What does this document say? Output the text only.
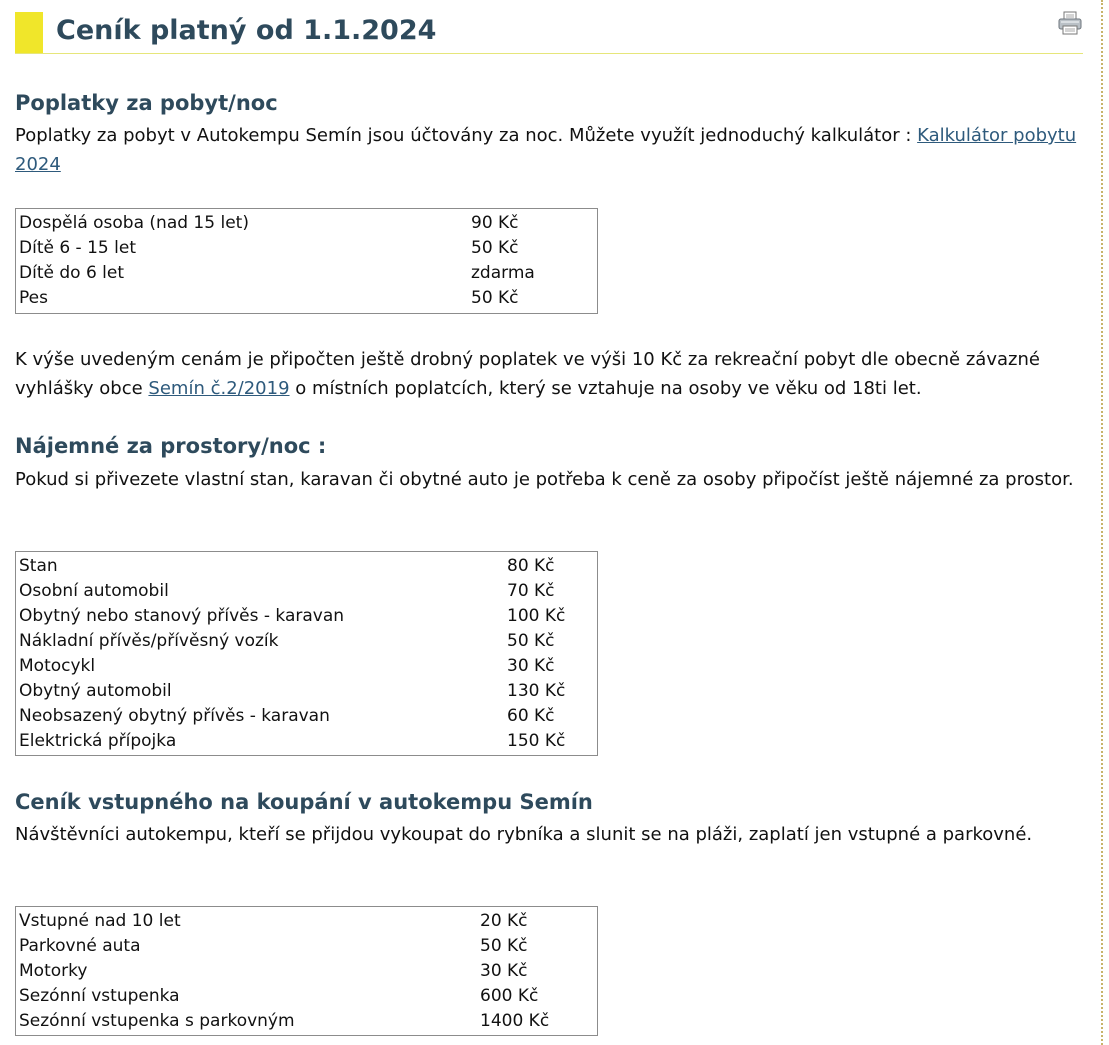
Ceník platný od 1.1.2024
Poplatky za pobyt/noc

Poplatky za pobyt v Autokempu Semín jsou účtovány za noc. Můžete využít jednoduchý kalkulátor : Kalkulátor pobytu 2024

Dospělá osoba (nad 15 let)	90 Kč
Dítě 6 - 15 let	50 Kč
Dítě do 6 let	zdarma
Pes	50 Kč

K výše uvedeným cenám je připočten ještě drobný poplatek ve výši 10 Kč za rekreační pobyt dle obecně závazné vyhlášky obce Semín č.2/2019 o místních poplatcích, který se vztahuje na osoby ve věku od 18ti let.

Nájemné za prostory/noc :

Pokud si přivezete vlastní stan, karavan či obytné auto je potřeba k ceně za osoby připočíst ještě nájemné za prostor.

Stan	80 Kč
Osobní automobil	70 Kč
Obytný nebo stanový přívěs - karavan	100 Kč
Nákladní přívěs/přívěsný vozík	50 Kč
Motocykl	30 Kč
Obytný automobil	130 Kč
Neobsazený obytný přívěs - karavan	60 Kč
Elektrická přípojka	150 Kč
Ceník vstupného na koupání v autokempu Semín

Návštěvníci autokempu, kteří se přijdou vykoupat do rybníka a slunit se na pláži, zaplatí jen vstupné a parkovné.

Vstupné nad 10 let	20 Kč
Parkovné auta	50 Kč
Motorky	30 Kč
Sezónní vstupenka	600 Kč
Sezónní vstupenka s parkovným	1400 Kč
